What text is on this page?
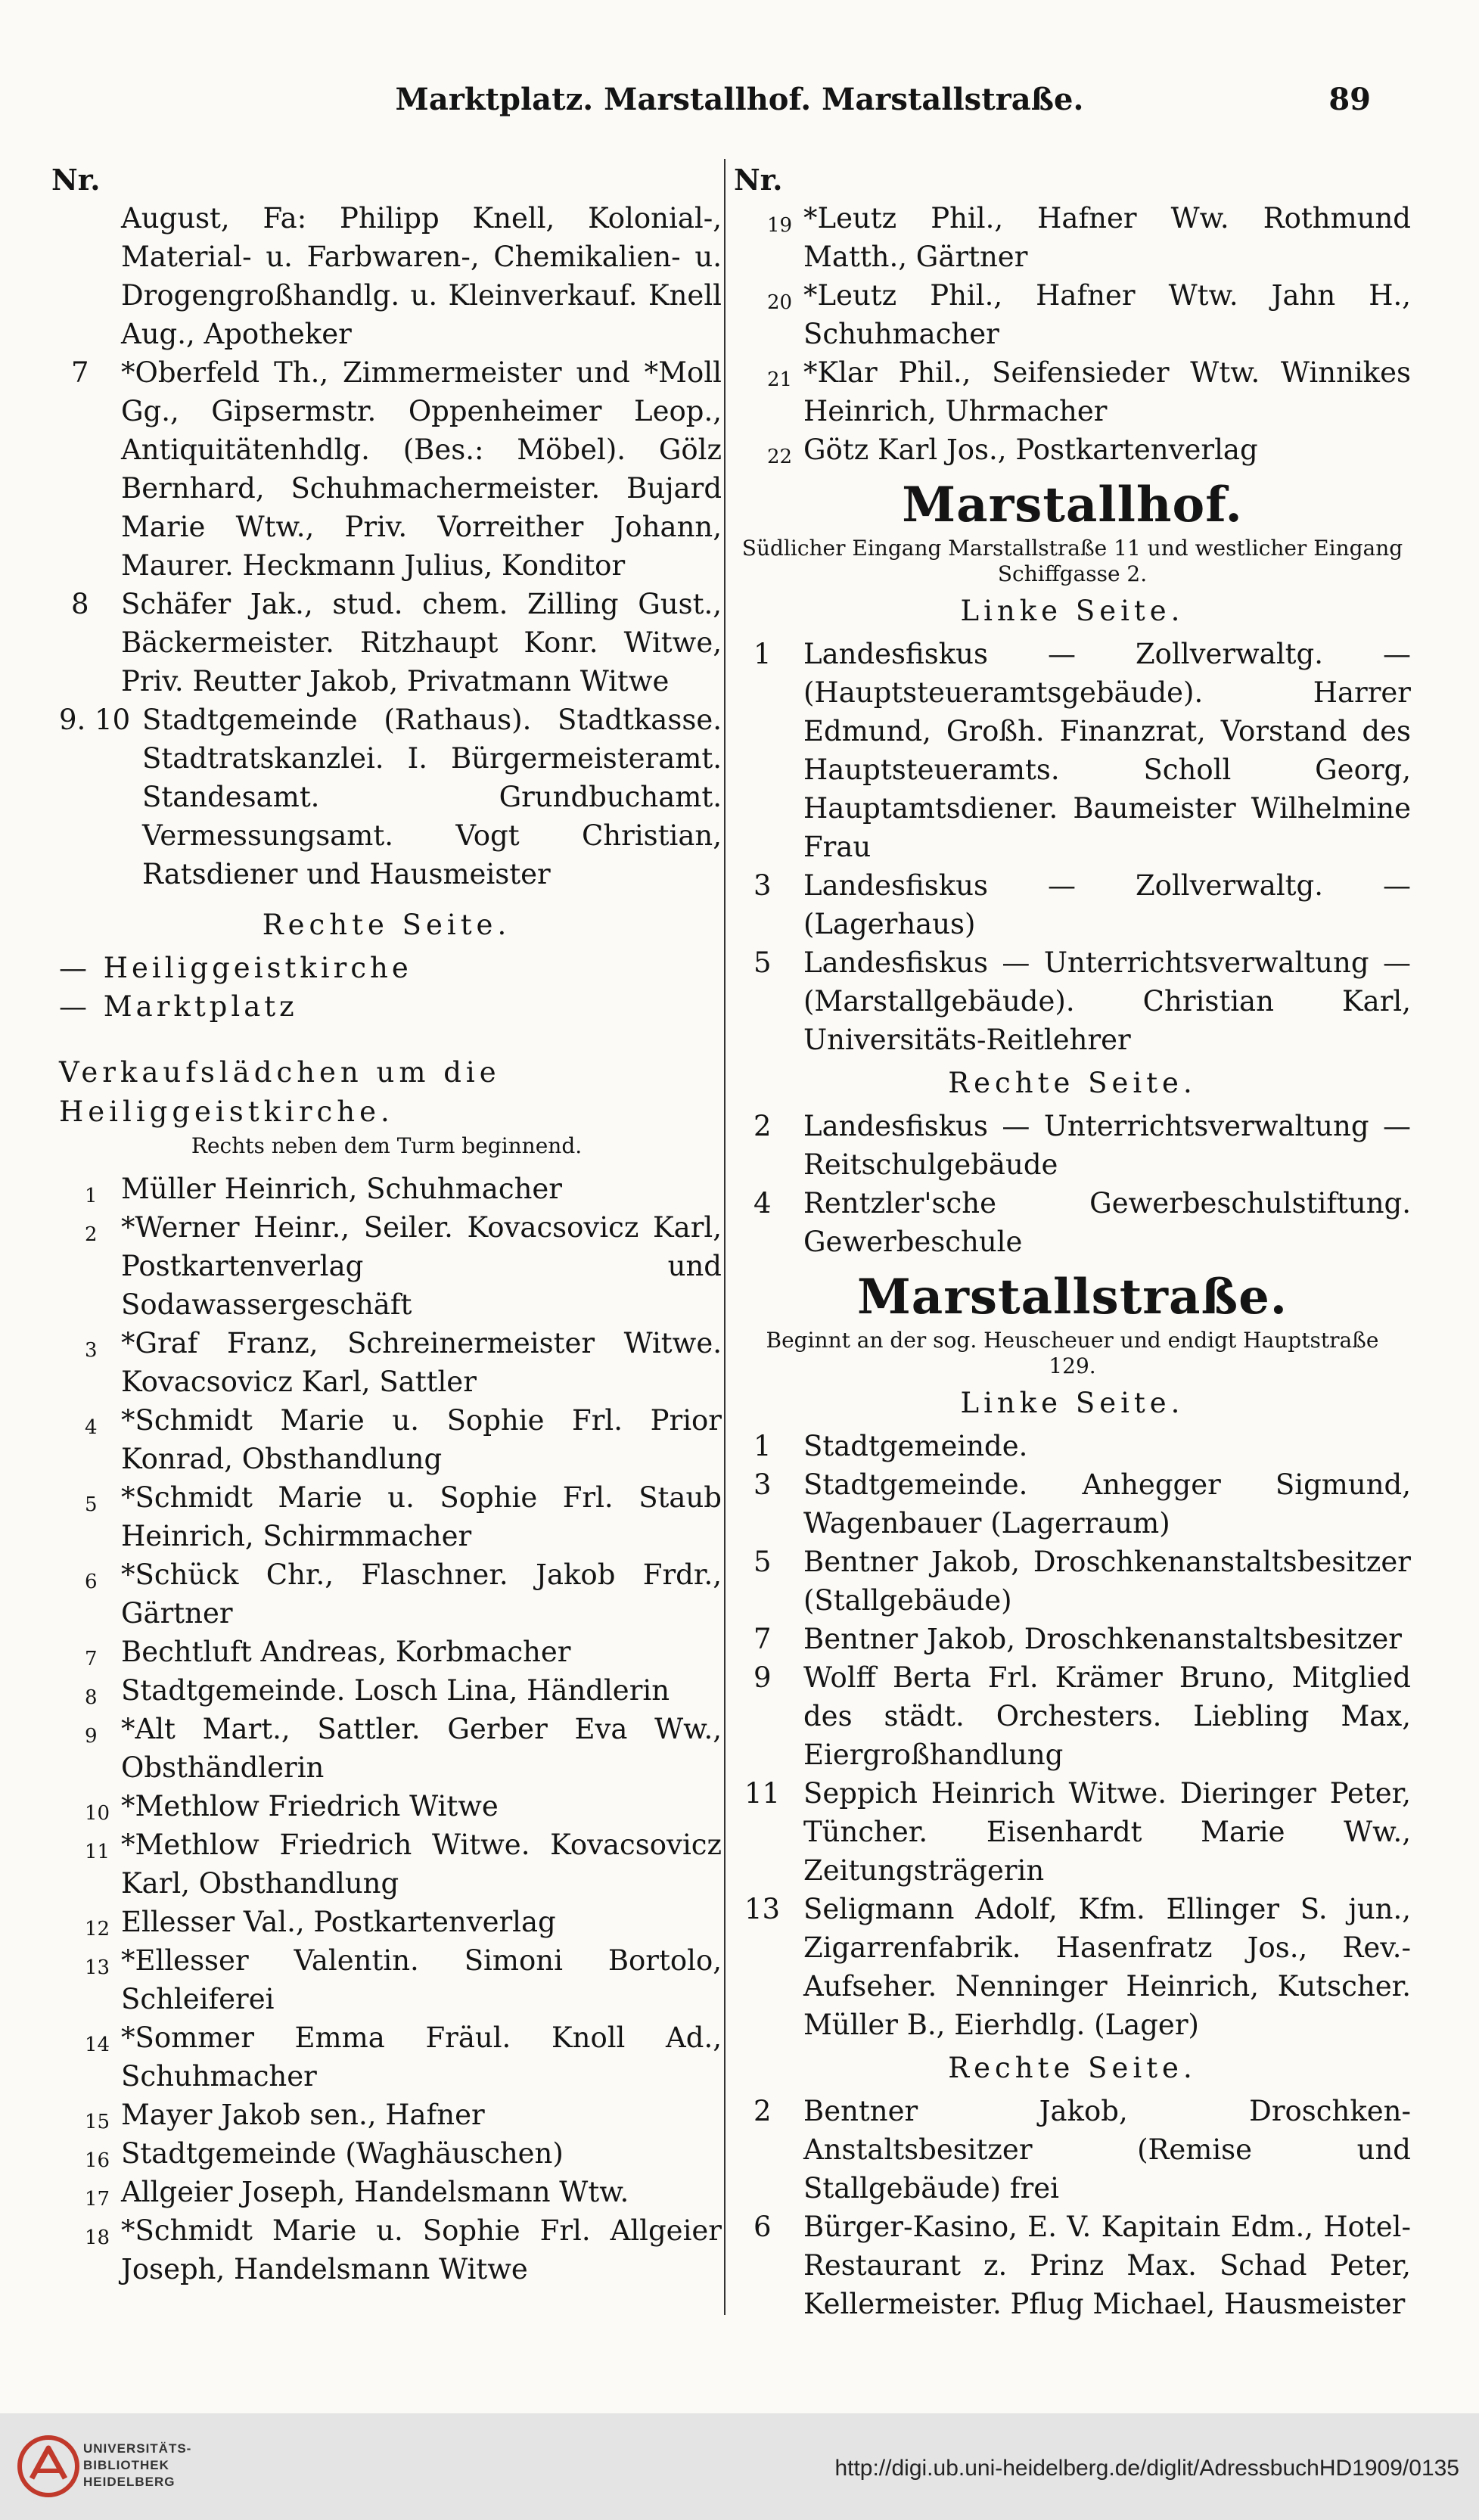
Marktplatz. Marstallhof. Marstallstraße.	89
Nr.
August, Fa: Philipp Knell, Kolonial-, Material- u. Farbwaren-, Chemikalien- u. Drogengroßhandlg. u. Kleinverkauf. Knell Aug., Apotheker
7 *Oberfeld Th., Zimmermeister und *Moll Gg., Gipsermstr. Oppenheimer Leop., Antiquitätenhdlg. (Bes.: Möbel). Gölz Bernhard, Schuhmachermeister. Bujard Marie Wtw., Priv. Vorreither Johann, Maurer. Heckmann Julius, Konditor
8 Schäfer Jak., stud. chem. Zilling Gust., Bäckermeister. Ritzhaupt Konr. Witwe, Priv. Reutter Jakob, Privatmann Witwe
9. 10 Stadtgemeinde (Rathaus). Stadtkasse. Stadtratskanzlei. I. Bürgermeisteramt. Standesamt. Grundbuchamt. Vermessungsamt. Vogt Christian, Ratsdiener und Hausmeister
Rechte Seite.
— Heiliggeistkirche
— Marktplatz
Verkaufslädchen um die Heiliggeistkirche.
Rechts neben dem Turm beginnend.
1 Müller Heinrich, Schuhmacher
2 *Werner Heinr., Seiler. Kovacsovicz Karl, Postkartenverlag und Sodawassergeschäft
3 *Graf Franz, Schreinermeister Witwe. Kovacsovicz Karl, Sattler
4 *Schmidt Marie u. Sophie Frl. Prior Konrad, Obsthandlung
5 *Schmidt Marie u. Sophie Frl. Staub Heinrich, Schirmmacher
6 *Schück Chr., Flaschner. Jakob Frdr., Gärtner
7 Bechtluft Andreas, Korbmacher
8 Stadtgemeinde. Losch Lina, Händlerin
9 *Alt Mart., Sattler. Gerber Eva Ww., Obsthändlerin
10 *Methlow Friedrich Witwe
11 *Methlow Friedrich Witwe. Kovacsovicz Karl, Obsthandlung
12 Ellesser Val., Postkartenverlag
13 *Ellesser Valentin. Simoni Bortolo, Schleiferei
14 *Sommer Emma Fräul. Knoll Ad., Schuhmacher
15 Mayer Jakob sen., Hafner
16 Stadtgemeinde (Waghäuschen)
17 Allgeier Joseph, Handelsmann Wtw.
18 *Schmidt Marie u. Sophie Frl. Allgeier Joseph, Handelsmann Witwe
Nr.
19 *Leutz Phil., Hafner Ww. Rothmund Matth., Gärtner
20 *Leutz Phil., Hafner Wtw. Jahn H., Schuhmacher
21 *Klar Phil., Seifensieder Wtw. Winnikes Heinrich, Uhrmacher
22 Götz Karl Jos., Postkartenverlag
Marstallhof.
Südlicher Eingang Marstallstraße 11 und westlicher Eingang Schiffgasse 2.
Linke Seite.
1 Landesfiskus — Zollverwaltg. — (Hauptsteueramtsgebäude). Harrer Edmund, Großh. Finanzrat, Vorstand des Hauptsteueramts. Scholl Georg, Hauptamtsdiener. Baumeister Wilhelmine Frau
3 Landesfiskus — Zollverwaltg. — (Lagerhaus)
5 Landesfiskus — Unterrichtsverwaltung — (Marstallgebäude). Christian Karl, Universitäts-Reitlehrer
Rechte Seite.
2 Landesfiskus — Unterrichtsverwaltung — Reitschulgebäude
4 Rentzler'sche Gewerbeschulstiftung. Gewerbeschule
Marstallstraße.
Beginnt an der sog. Heuscheuer und endigt Hauptstraße 129.
Linke Seite.
1 Stadtgemeinde.
3 Stadtgemeinde. Anhegger Sigmund, Wagenbauer (Lagerraum)
5 Bentner Jakob, Droschkenanstaltsbesitzer (Stallgebäude)
7 Bentner Jakob, Droschkenanstaltsbesitzer
9 Wolff Berta Frl. Krämer Bruno, Mitglied des städt. Orchesters. Liebling Max, Eiergroßhandlung
11 Seppich Heinrich Witwe. Dieringer Peter, Tüncher. Eisenhardt Marie Ww., Zeitungsträgerin
13 Seligmann Adolf, Kfm. Ellinger S. jun., Zigarrenfabrik. Hasenfratz Jos., Rev.-Aufseher. Nenninger Heinrich, Kutscher. Müller B., Eierhdlg. (Lager)
Rechte Seite.
2 Bentner Jakob, Droschken-Anstaltsbesitzer (Remise und Stallgebäude) frei
6 Bürger-Kasino, E. V. Kapitain Edm., Hotel-Restaurant z. Prinz Max. Schad Peter, Kellermeister. Pflug Michael, Hausmeister
UNIVERSITÄTS-
BIBLIOTHEK
HEIDELBERG
http://digi.ub.uni-heidelberg.de/diglit/AdressbuchHD1909/0135
